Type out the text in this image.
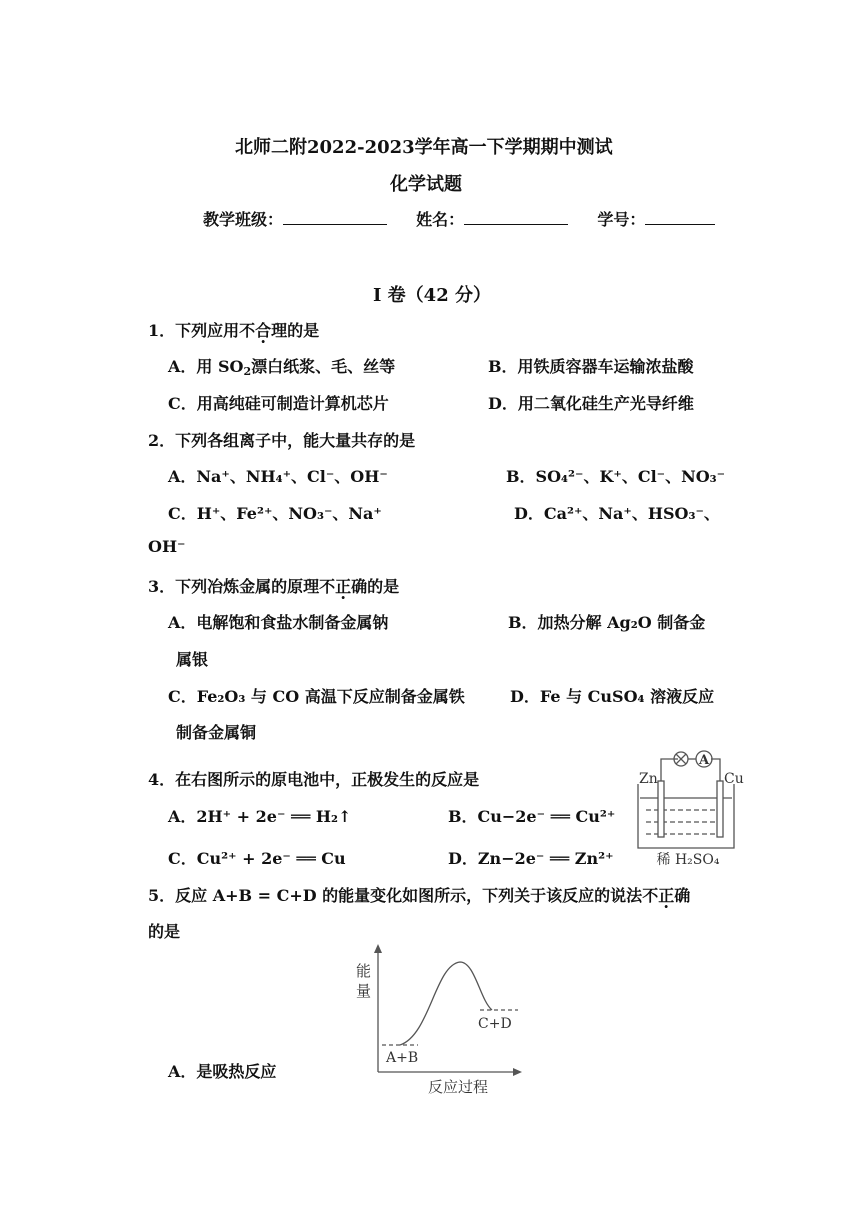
北师二附2022-2023学年高一下学期期中测试
化学试题
教学班级：	姓名：	学号：
I 卷（42 分）
1．下列应用不合理的是
A．用 $SO_2$漂白纸浆、毛、丝等	B．用铁质容器车运输浓盐酸
C．用高纯硅可制造计算机芯片	D．用二氧化硅生产光导纤维
2．下列各组离子中，能大量共存的是
A．Na⁺、NH₄⁺、Cl⁻、OH⁻	B．SO₄²⁻、K⁺、Cl⁻、NO₃⁻
C．H⁺、Fe²⁺、NO₃⁻、Na⁺	D．Ca²⁺、Na⁺、HSO₃⁻、
OH⁻
3．下列冶炼金属的原理不正确的是
A．电解饱和食盐水制备金属钠	B．加热分解 Ag₂O 制备金
属银
C．Fe₂O₃ 与 CO 高温下反应制备金属铁	D．Fe 与 CuSO₄ 溶液反应
制备金属铜
4．在右图所示的原电池中，正极发生的反应是
A．2H⁺ + 2e⁻ ══ H₂↑	B．Cu−2e⁻ ══ Cu²⁺
C．Cu²⁺ + 2e⁻ ══ Cu	D．Zn−2e⁻ ══ Zn²⁺
A
Zn	Cu
稀 H₂SO₄
5．反应 A+B = C+D 的能量变化如图所示，下列关于该反应的说法不正确
的是
A．是吸热反应
能
量
A+B
C+D
反应过程
